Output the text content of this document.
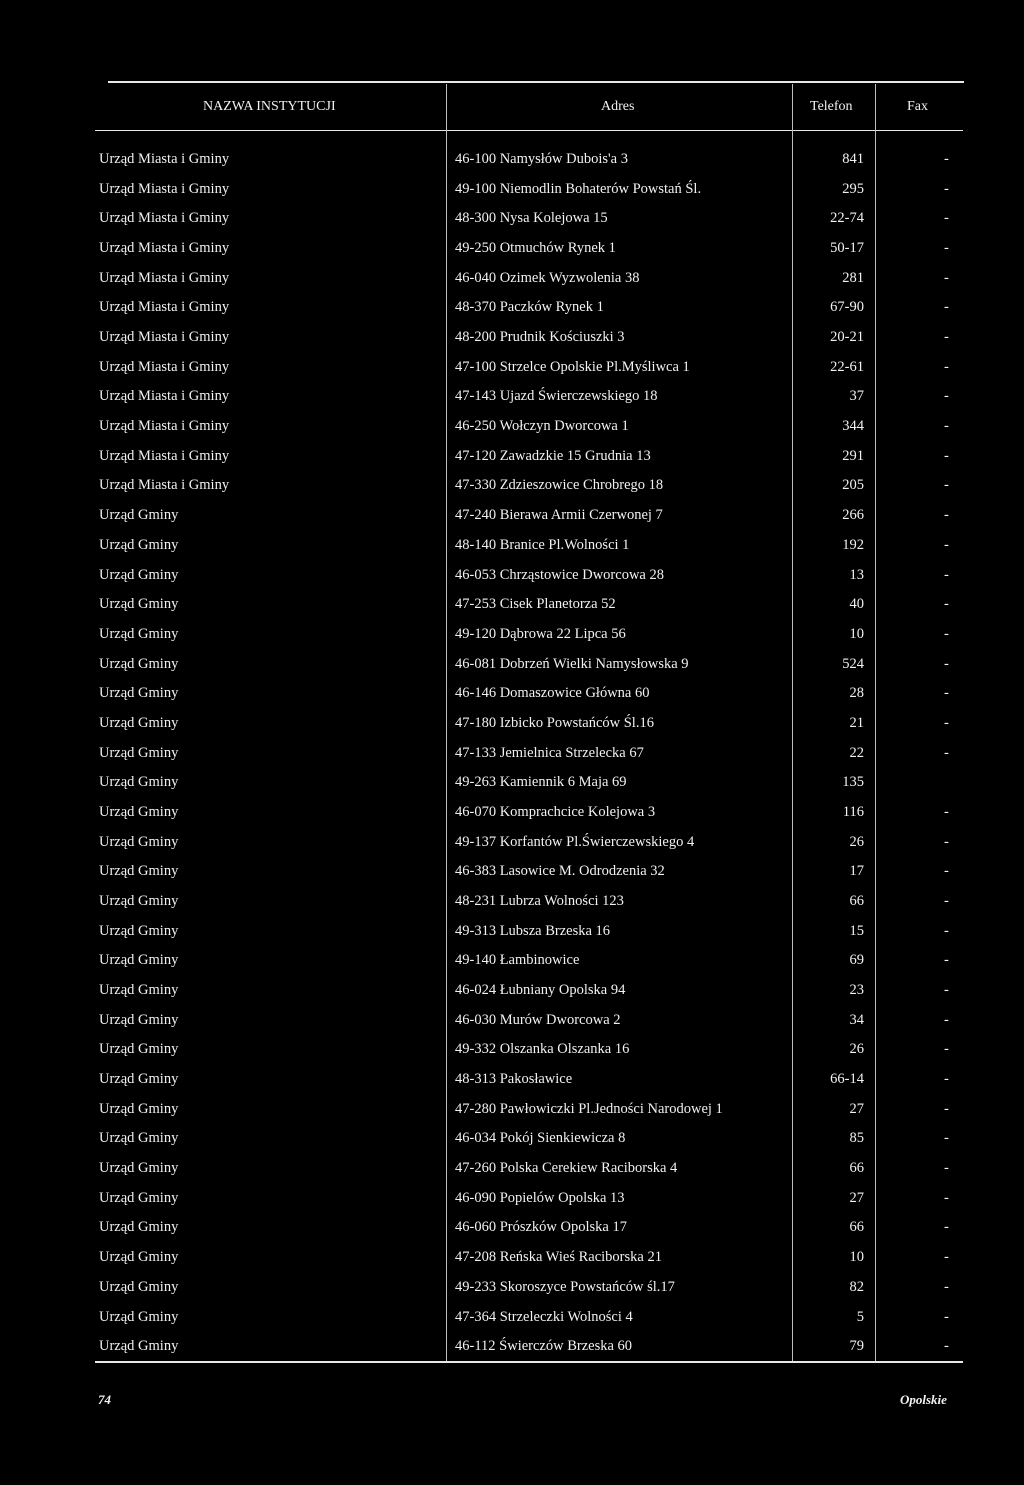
NAZWA INSTYTUCJI	Adres	Telefon	Fax
Urząd Miasta i Gminy	46-100 Namysłów Dubois'a 3	841	-
Urząd Miasta i Gminy	49-100 Niemodlin Bohaterów Powstań Śl.	295	-
Urząd Miasta i Gminy	48-300 Nysa Kolejowa 15	22-74	-
Urząd Miasta i Gminy	49-250 Otmuchów Rynek 1	50-17	-
Urząd Miasta i Gminy	46-040 Ozimek Wyzwolenia 38	281	-
Urząd Miasta i Gminy	48-370 Paczków Rynek 1	67-90	-
Urząd Miasta i Gminy	48-200 Prudnik Kościuszki 3	20-21	-
Urząd Miasta i Gminy	47-100 Strzelce Opolskie Pl.Myśliwca 1	22-61	-
Urząd Miasta i Gminy	47-143 Ujazd Świerczewskiego 18	37	-
Urząd Miasta i Gminy	46-250 Wołczyn Dworcowa 1	344	-
Urząd Miasta i Gminy	47-120 Zawadzkie 15 Grudnia 13	291	-
Urząd Miasta i Gminy	47-330 Zdzieszowice Chrobrego 18	205	-
Urząd Gminy	47-240 Bierawa Armii Czerwonej 7	266	-
Urząd Gminy	48-140 Branice Pl.Wolności 1	192	-
Urząd Gminy	46-053 Chrząstowice Dworcowa 28	13	-
Urząd Gminy	47-253 Cisek Planetorza 52	40	-
Urząd Gminy	49-120 Dąbrowa 22 Lipca 56	10	-
Urząd Gminy	46-081 Dobrzeń Wielki Namysłowska 9	524	-
Urząd Gminy	46-146 Domaszowice Główna 60	28	-
Urząd Gminy	47-180 Izbicko Powstańców Śl.16	21	-
Urząd Gminy	47-133 Jemielnica Strzelecka 67	22	-
Urząd Gminy	49-263 Kamiennik 6 Maja 69	135
Urząd Gminy	46-070 Komprachcice Kolejowa 3	116	-
Urząd Gminy	49-137 Korfantów Pl.Świerczewskiego 4	26	-
Urząd Gminy	46-383 Lasowice M. Odrodzenia 32	17	-
Urząd Gminy	48-231 Lubrza Wolności 123	66	-
Urząd Gminy	49-313 Lubsza Brzeska 16	15	-
Urząd Gminy	49-140 Łambinowice	69	-
Urząd Gminy	46-024 Łubniany Opolska 94	23	-
Urząd Gminy	46-030 Murów Dworcowa 2	34	-
Urząd Gminy	49-332 Olszanka Olszanka 16	26	-
Urząd Gminy	48-313 Pakosławice	66-14	-
Urząd Gminy	47-280 Pawłowiczki Pl.Jedności Narodowej 1	27	-
Urząd Gminy	46-034 Pokój Sienkiewicza 8	85	-
Urząd Gminy	47-260 Polska Cerekiew Raciborska 4	66	-
Urząd Gminy	46-090 Popielów Opolska 13	27	-
Urząd Gminy	46-060 Prószków Opolska 17	66	-
Urząd Gminy	47-208 Reńska Wieś Raciborska 21	10	-
Urząd Gminy	49-233 Skoroszyce Powstańców śl.17	82	-
Urząd Gminy	47-364 Strzeleczki Wolności 4	5	-
Urząd Gminy	46-112 Świerczów Brzeska 60	79	-
74	Opolskie
